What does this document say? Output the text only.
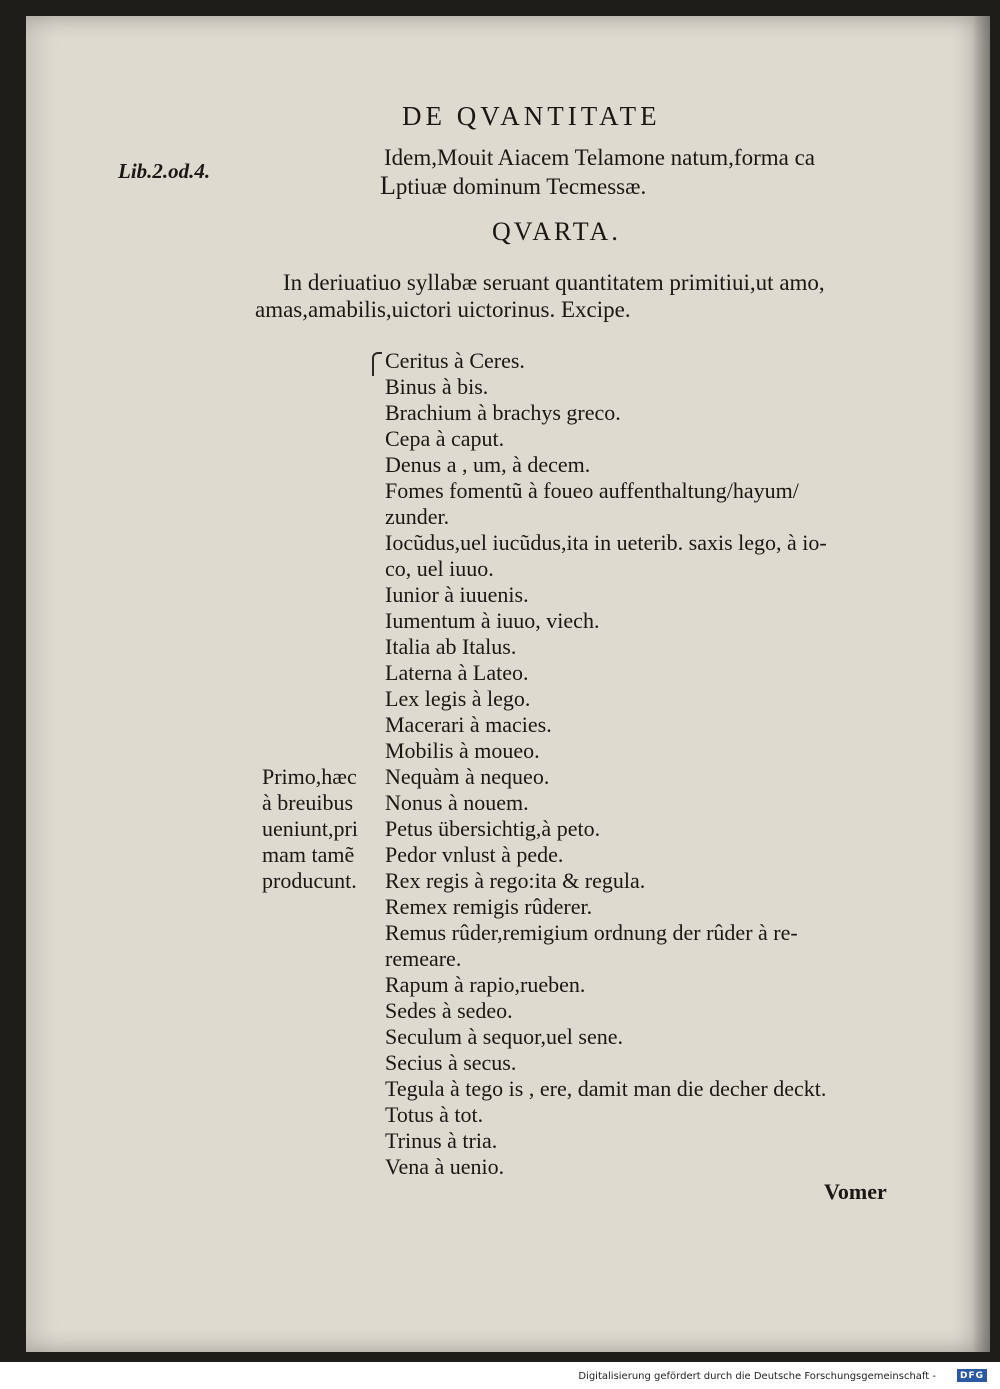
DE QVANTITATE
Lib.2.od.4.
Idem,Mouit Aiacem Telamone natum,forma ca
Lptiuæ dominum Tecmessæ.
QVARTA.
In deriuatiuo syllabæ seruant quantitatem primitiui,ut amo,
amas,amabilis,uictori uictorinus. Excipe.
Ceritus à Ceres.
Binus à bis.
Brachium à brachys greco.
Cepa à caput.
Denus a , um, à decem.
Fomes fomentũ à foueo auffenthaltung/hayum/
zunder.
Iocũdus,uel iucũdus,ita in ueterib. saxis lego, à io-
co, uel iuuo.
Iunior à iuuenis.
Iumentum à iuuo, viech.
Italia ab Italus.
Laterna à Lateo.
Lex legis à lego.
Macerari à macies.
Mobilis à moueo.
Nequàm à nequeo.
Nonus à nouem.
Petus übersichtig,à peto.
Pedor vnlust à pede.
Rex regis à rego:ita & regula.
Remex remigis rûderer.
Remus rûder,remigium ordnung der rûder à re-
remeare.
Rapum à rapio,rueben.
Sedes à sedeo.
Seculum à sequor,uel sene.
Secius à secus.
Tegula à tego is , ere, damit man die decher deckt.
Totus à tot.
Trinus à tria.
Vena à uenio.
Primo,hæc
à breuibus
ueniunt,pri
mam tamẽ
producunt.
Vomer
Digitalisierung gefördert durch die Deutsche Forschungsgemeinschaft -	DFG
